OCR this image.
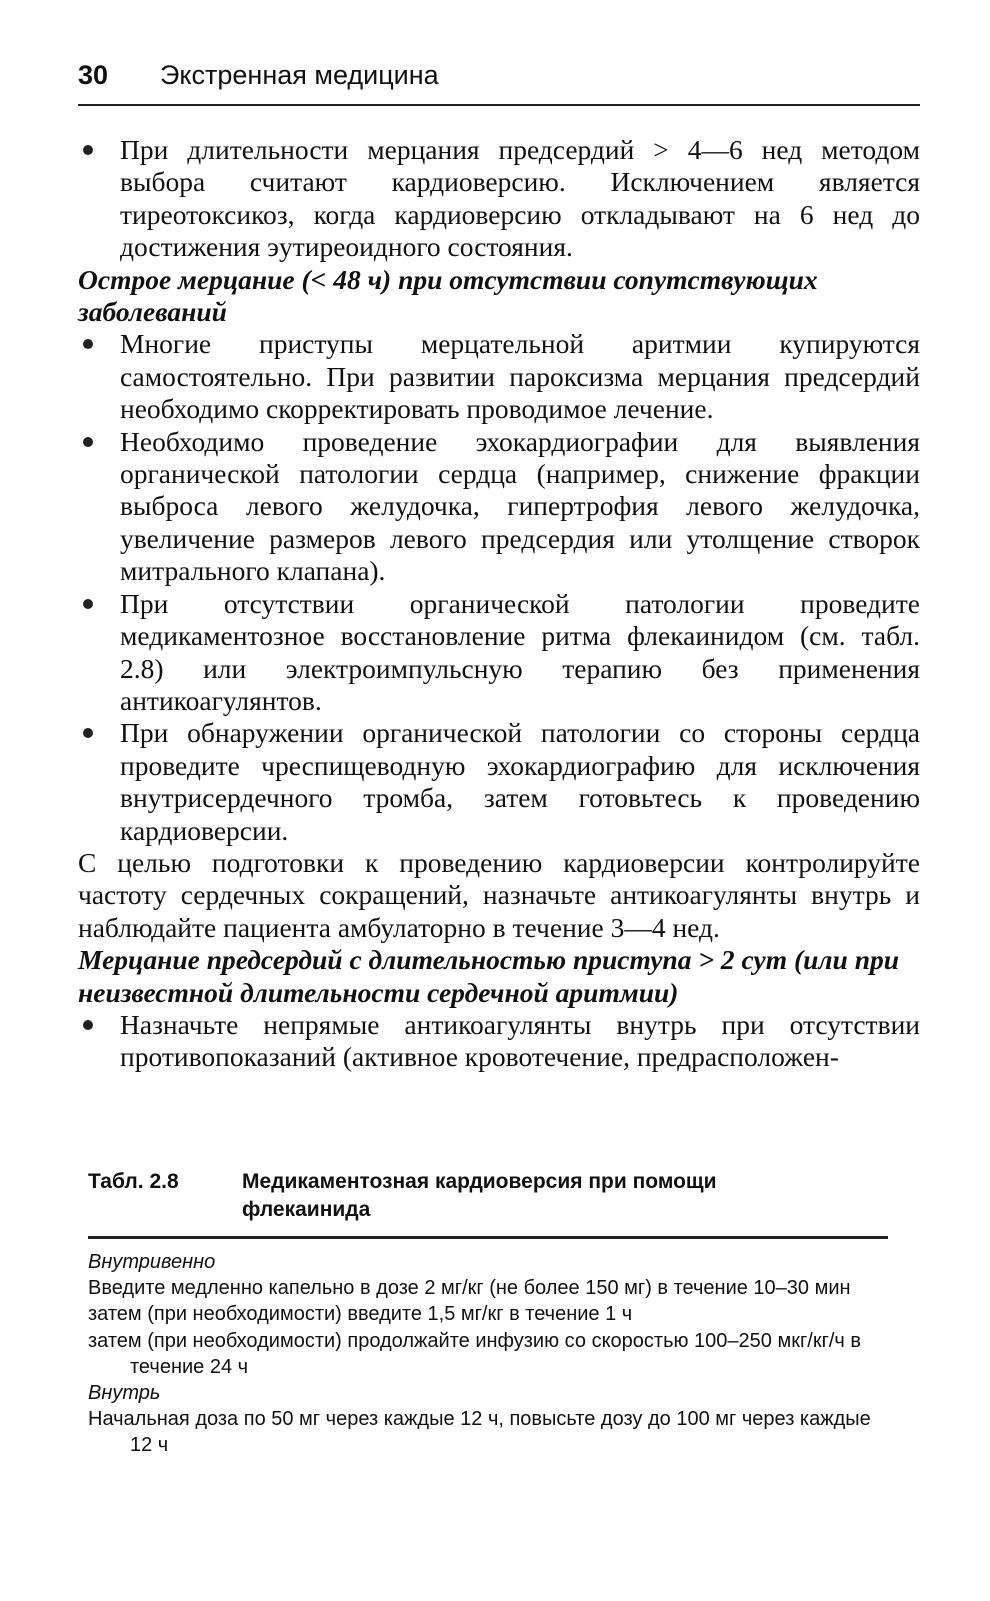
30	Экстренная медицина
При длительности мерцания предсердий > 4—6 нед методом выбора считают кардиоверсию. Исключением является тиреотоксикоз, когда кардиоверсию откладывают на 6 нед до достижения эутиреоидного состояния.

Острое мерцание (< 48 ч) при отсутствии сопутствующих заболеваний

Многие приступы мерцательной аритмии купируются самостоятельно. При развитии пароксизма мерцания предсердий необходимо скорректировать проводимое лечение.
Необходимо проведение эхокардиографии для выявления органической патологии сердца (например, снижение фракции выброса левого желудочка, гипертрофия левого желудочка, увеличение размеров левого предсердия или утолщение створок митрального клапана).
При отсутствии органической патологии проведите медикаментозное восстановление ритма флекаинидом (см. табл. 2.8) или электроимпульсную терапию без применения антикоагулянтов.
При обнаружении органической патологии со стороны сердца проведите чреспищеводную эхокардиографию для исключения внутрисердечного тромба, затем готовьтесь к проведению кардиоверсии.

С целью подготовки к проведению кардиоверсии контролируйте частоту сердечных сокращений, назначьте антикоагулянты внутрь и наблюдайте пациента амбулаторно в течение 3—4 нед.

Мерцание предсердий с длительностью приступа > 2 сут (или при неизвестной длительности сердечной аритмии)

Назначьте непрямые антикоагулянты внутрь при отсутствии противопоказаний (активное кровотечение, предрасположен-
Табл. 2.8	Медикаментозная кардиоверсия при помощи флекаинида
Внутривенно
Введите медленно капельно в дозе 2 мг/кг (не более 150 мг) в течение 10–30 мин
затем (при необходимости) введите 1,5 мг/кг в течение 1 ч
затем (при необходимости) продолжайте инфузию со скоростью 100–250 мкг/кг/ч в течение 24 ч
Внутрь
Начальная доза по 50 мг через каждые 12 ч, повысьте дозу до 100 мг через каждые 12 ч
